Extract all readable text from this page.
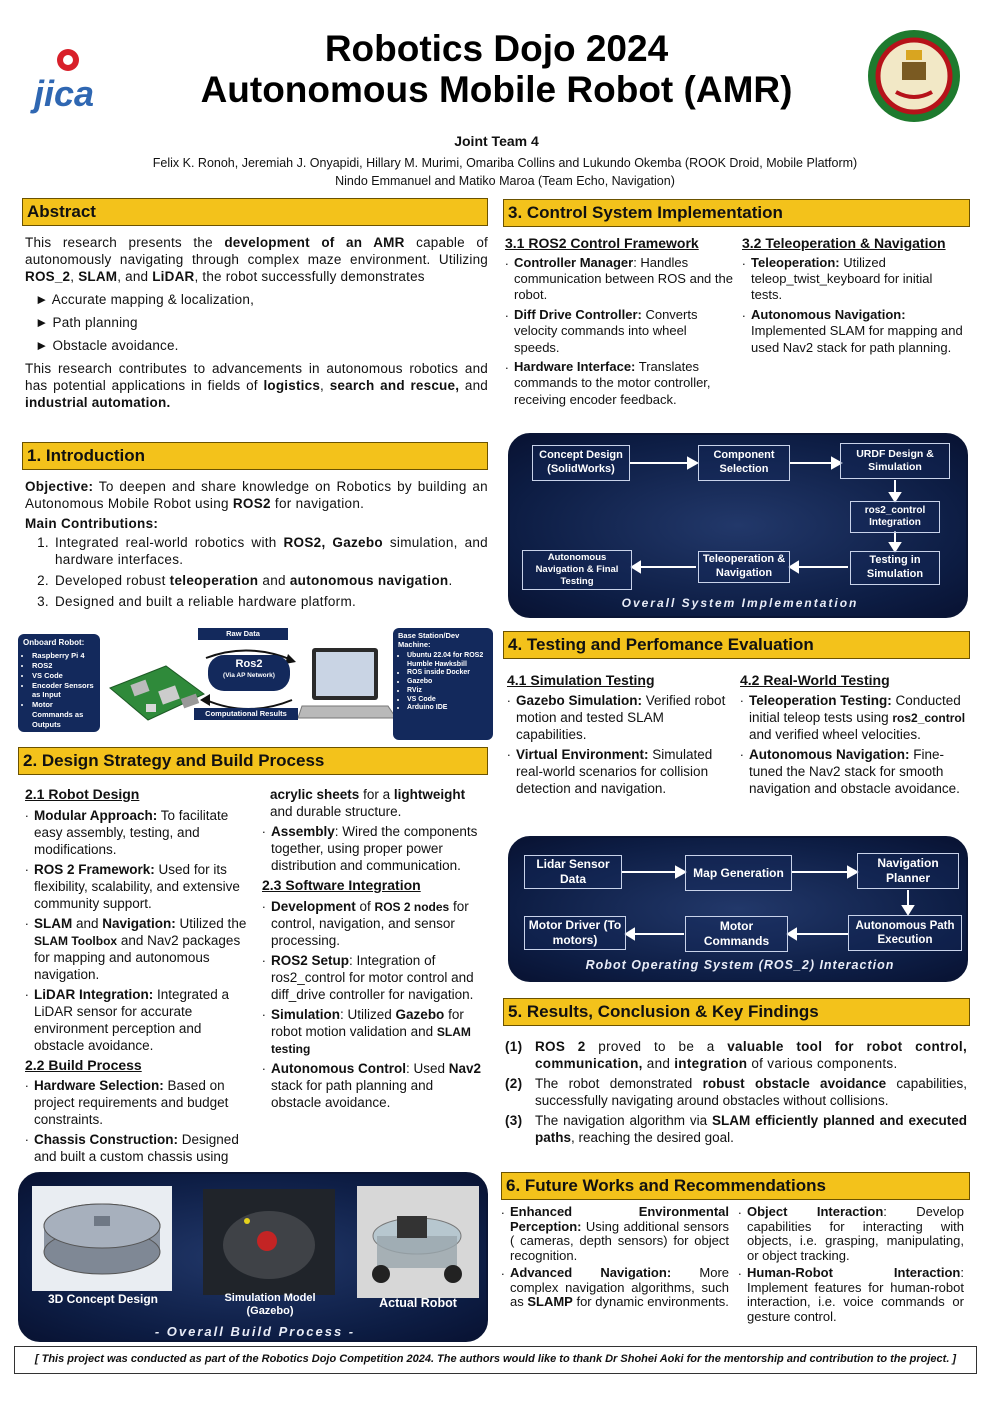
jica
Robotics Dojo 2024
Autonomous Mobile Robot (AMR)
Joint Team 4
Felix K. Ronoh, Jeremiah J. Onyapidi, Hillary M. Murimi, Omariba Collins and Lukundo Okemba (ROOK Droid, Mobile Platform)
Nindo Emmanuel and Matiko Maroa (Team Echo, Navigation)
Abstract
This research presents the development of an AMR capable of autonomously navigating through complex maze environment. Utilizing ROS_2, SLAM, and LiDAR, the robot successfully demonstrates
► Accurate mapping & localization,
► Path planning
► Obstacle avoidance.
This research contributes to advancements in autonomous robotics and has potential applications in fields of logistics, search and rescue, and industrial automation.
1. Introduction
Objective: To deepen and share knowledge on Robotics by building an Autonomous Mobile Robot using ROS2 for navigation.
Main Contributions:
1. Integrated real-world robotics with ROS2, Gazebo simulation, and hardware interfaces.
2. Developed robust teleoperation and autonomous navigation.
3. Designed and built a reliable hardware platform.
Onboard Robot:
• Raspberry Pi 4
• ROS2
• VS Code
• Encoder Sensors as Input
• Motor Commands as Outputs
Raw Data
Ros2
(Via AP Network)
Computational Results
Base Station/Dev Machine:
• Ubuntu 22.04 for ROS2 Humble Hawksbill
• ROS inside Docker
• Gazebo
• RViz
• VS Code
• Arduino IDE
2. Design Strategy and Build Process
2.1 Robot Design
. Modular Approach: To facilitate easy assembly, testing, and modifications.
. ROS 2 Framework: Used for its flexibility, scalability, and extensive community support.
. SLAM and Navigation: Utilized the SLAM Toolbox and Nav2 packages for mapping and autonomous navigation.
. LiDAR Integration: Integrated a LiDAR sensor for accurate environment perception and obstacle avoidance.
2.2 Build Process
. Hardware Selection: Based on project requirements and budget constraints.
. Chassis Construction: Designed and built a custom chassis using
acrylic sheets for a lightweight and durable structure.
. Assembly: Wired the components together, using proper power distribution and communication.
2.3 Software Integration
. Development of ROS 2 nodes for control, navigation, and sensor processing.
. ROS2 Setup: Integration of ros2_control for motor control and diff_drive controller for navigation.
. Simulation: Utilized Gazebo for robot motion validation and SLAM testing
. Autonomous Control: Used Nav2 stack for path planning and obstacle avoidance.
3D Concept Design	Simulation Model (Gazebo)
Actual Robot
- Overall Build Process -
3. Control System Implementation
3.1 ROS2 Control Framework
. Controller Manager: Handles communication between ROS and the robot.
. Diff Drive Controller: Converts velocity commands into wheel speeds.
. Hardware Interface: Translates commands to the motor controller, receiving encoder feedback.
3.2 Teleoperation & Navigation
. Teleoperation: Utilized teleop_twist_keyboard for initial tests.
. Autonomous Navigation: Implemented SLAM for mapping and used Nav2 stack for path planning.
Concept Design (SolidWorks)
Component Selection
URDF Design & Simulation
ros2_control Integration
Testing in Simulation
Teleoperation & Navigation
Autonomous Navigation & Final Testing
Overall System Implementation
4. Testing and Perfomance Evaluation
4.1 Simulation Testing
. Gazebo Simulation: Verified robot motion and tested SLAM capabilities.
. Virtual Environment: Simulated real-world scenarios for collision detection and navigation.
4.2 Real-World Testing
. Teleoperation Testing: Conducted initial teleop tests using ros2_control and verified wheel velocities.
. Autonomous Navigation: Fine-tuned the Nav2 stack for smooth navigation and obstacle avoidance.
Lidar Sensor Data	Map Generation
Navigation Planner
Motor Driver (To motors)
Motor Commands
Autonomous Path Execution
Robot Operating System (ROS_2) Interaction
5. Results, Conclusion & Key Findings
(1) ROS 2 proved to be a valuable tool for robot control, communication, and integration of various components.
(2) The robot demonstrated robust obstacle avoidance capabilities, successfully navigating around obstacles without collisions.
(3) The navigation algorithm via SLAM efficiently planned and executed paths, reaching the desired goal.
6. Future Works and Recommendations
. Enhanced Environmental Perception: Using additional sensors ( cameras, depth sensors) for object recognition.
. Advanced Navigation: More complex navigation algorithms, such as SLAMP for dynamic environments.
. Object Interaction: Develop capabilities for interacting with objects, i.e. grasping, manipulating, or object tracking.
. Human-Robot Interaction: Implement features for human-robot interaction, i.e. voice commands or gesture control.
[ This project was conducted as part of the Robotics Dojo Competition 2024. The authors would like to thank Dr Shohei Aoki for the mentorship and contribution to the project. ]
